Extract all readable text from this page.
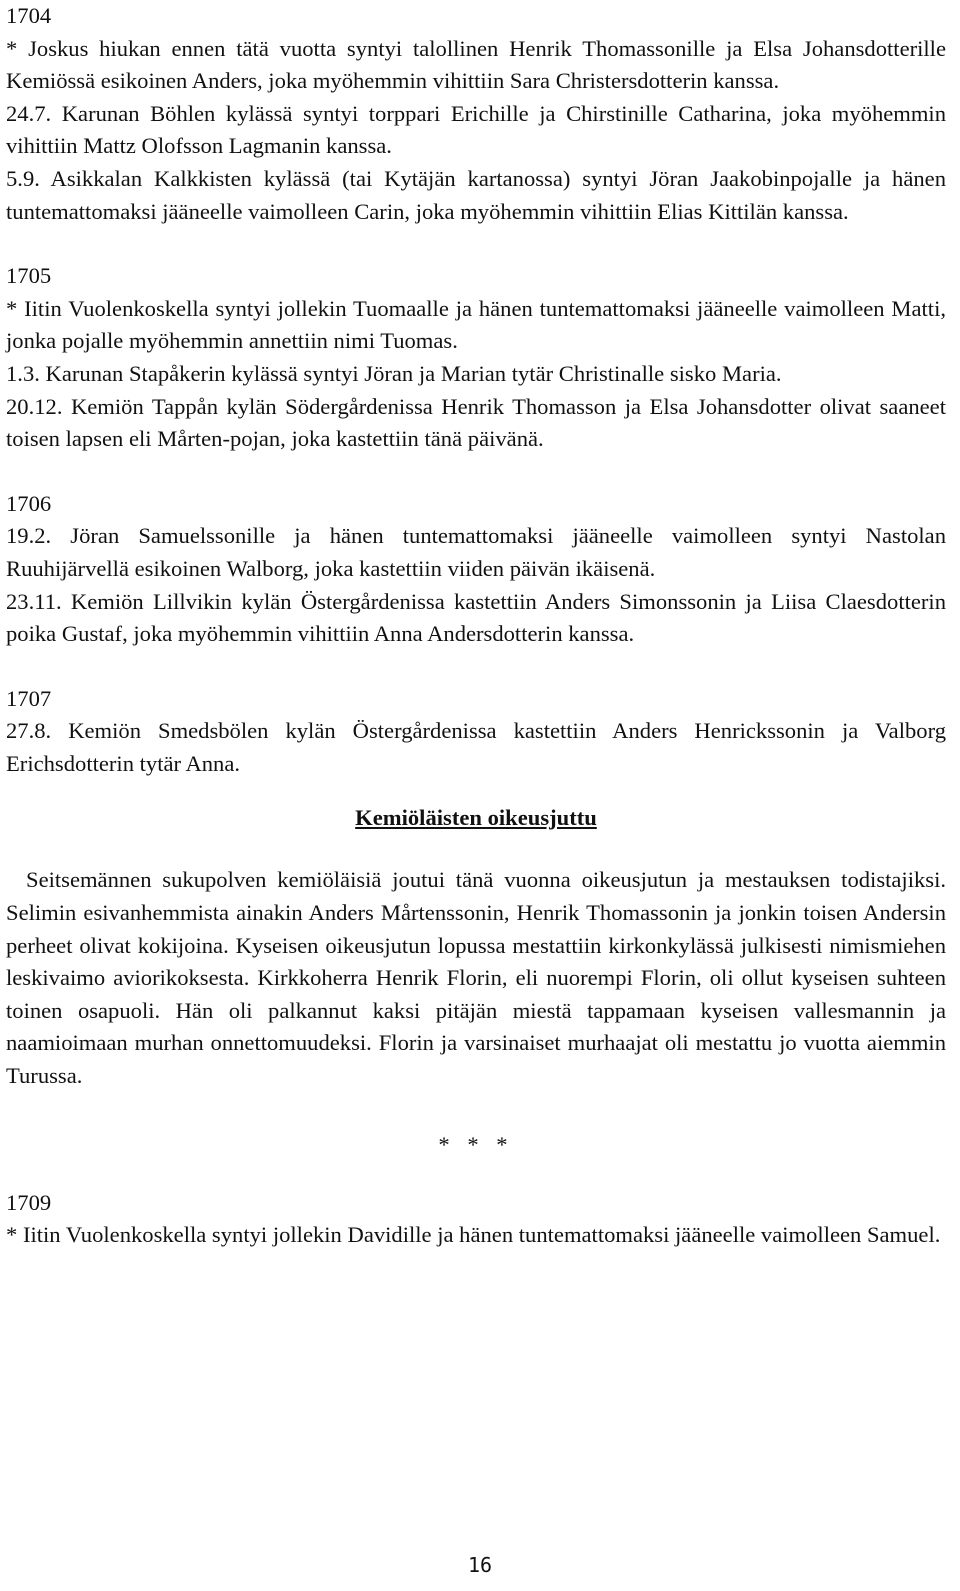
1704
* Joskus hiukan ennen tätä vuotta syntyi talollinen Henrik Thomassonille ja Elsa Johansdotterille Kemiössä esikoinen Anders, joka myöhemmin vihittiin Sara Christersdotterin kanssa.
24.7. Karunan Böhlen kylässä syntyi torppari Erichille ja Chirstinille Catharina, joka myöhemmin vihittiin Mattz Olofsson Lagmanin kanssa.
5.9. Asikkalan Kalkkisten kylässä (tai Kytäjän kartanossa) syntyi Jöran Jaakobinpojalle ja hänen tuntemattomaksi jääneelle vaimolleen Carin, joka myöhemmin vihittiin Elias Kittilän kanssa.
1705
* Iitin Vuolenkoskella syntyi jollekin Tuomaalle ja hänen tuntemattomaksi jääneelle vaimolleen Matti, jonka pojalle myöhemmin annettiin nimi Tuomas.
1.3. Karunan Stapåkerin kylässä syntyi Jöran ja Marian tytär Christinalle sisko Maria.
20.12. Kemiön Tappån kylän Södergårdenissa Henrik Thomasson ja Elsa Johansdotter olivat saaneet toisen lapsen eli Mårten-pojan, joka kastettiin tänä päivänä.
1706
19.2. Jöran Samuelssonille ja hänen tuntemattomaksi jääneelle vaimolleen syntyi Nastolan Ruuhijärvellä esikoinen Walborg, joka kastettiin viiden päivän ikäisenä.
23.11. Kemiön Lillvikin kylän Östergårdenissa kastettiin Anders Simonssonin ja Liisa Claesdotterin poika Gustaf, joka myöhemmin vihittiin Anna Andersdotterin kanssa.
1707
27.8. Kemiön Smedsbölen kylän Östergårdenissa kastettiin Anders Henrickssonin ja Valborg Erichsdotterin tytär Anna.
Kemiöläisten oikeusjuttu
Seitsemännen sukupolven kemiöläisiä joutui tänä vuonna oikeusjutun ja mestauksen todistajiksi. Selimin esivanhemmista ainakin Anders Mårtenssonin, Henrik Thomassonin ja jonkin toisen Andersin perheet olivat kokijoina. Kyseisen oikeusjutun lopussa mestattiin kirkonkylässä julkisesti nimismiehen leskivaimo aviorikoksesta. Kirkkoherra Henrik Florin, eli nuorempi Florin, oli ollut kyseisen suhteen toinen osapuoli. Hän oli palkannut kaksi pitäjän miestä tappamaan kyseisen vallesmannin ja naamioimaan murhan onnettomuudeksi. Florin ja varsinaiset murhaajat oli mestattu jo vuotta aiemmin Turussa.
* * *
1709
* Iitin Vuolenkoskella syntyi jollekin Davidille ja hänen tuntemattomaksi jääneelle vaimolleen Samuel.
16
